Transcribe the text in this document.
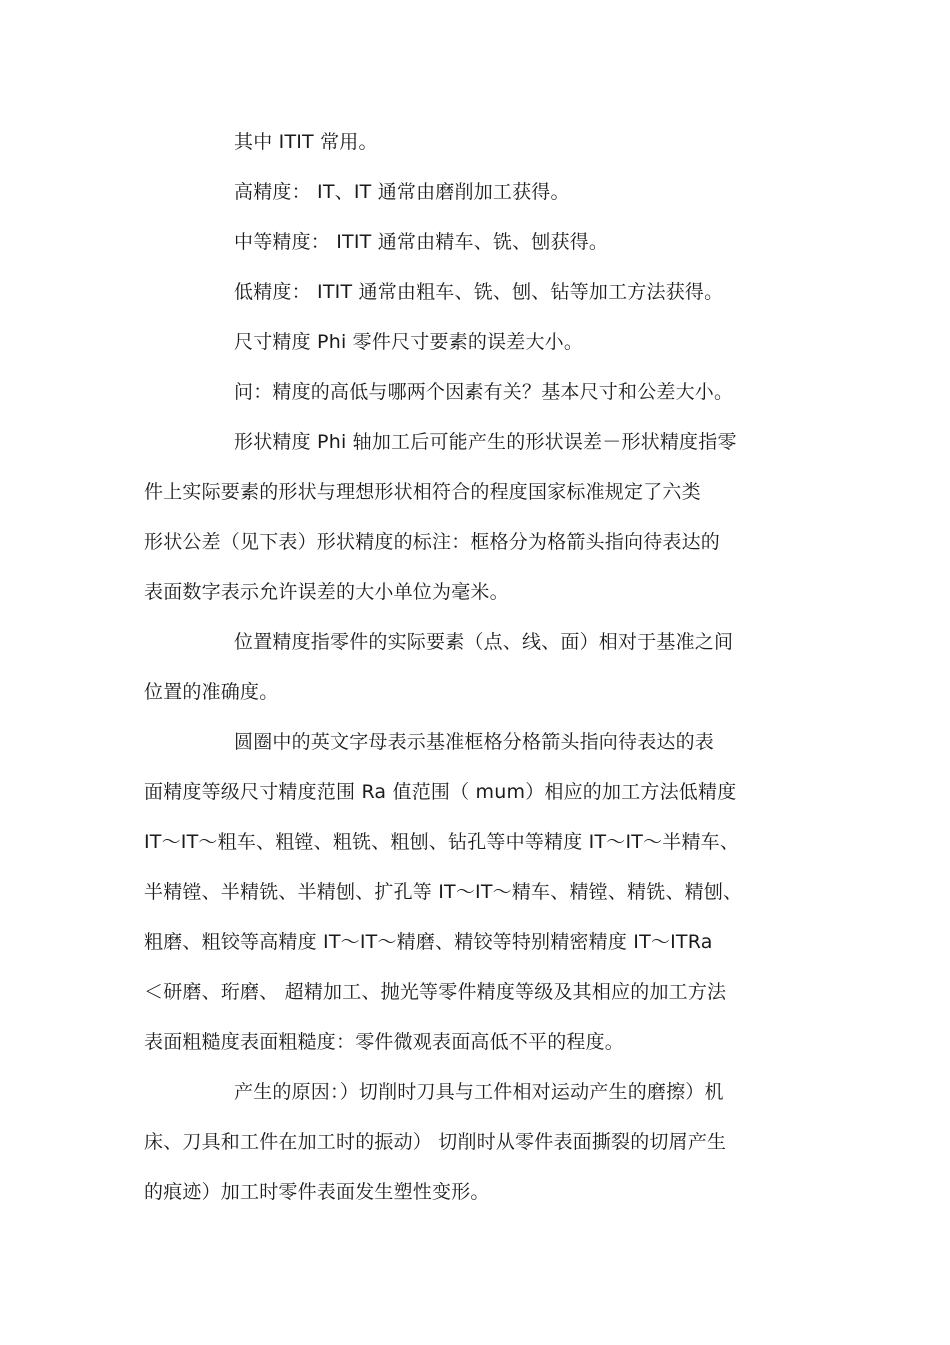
其中 ITIT 常用。
高精度： IT、IT 通常由磨削加工获得。
中等精度： ITIT 通常由精车、铣、刨获得。
低精度： ITIT 通常由粗车、铣、刨、钻等加工方法获得。
尺寸精度 Phi 零件尺寸要素的误差大小。
问：精度的高低与哪两个因素有关？基本尺寸和公差大小。
形状精度 Phi 轴加工后可能产生的形状误差－形状精度指零
件上实际要素的形状与理想形状相符合的程度国家标准规定了六类
形状公差（见下表）形状精度的标注：框格分为格箭头指向待表达的
表面数字表示允许误差的大小单位为毫米。
位置精度指零件的实际要素（点、线、面）相对于基准之间
位置的准确度。
圆圈中的英文字母表示基准框格分格箭头指向待表达的表
面精度等级尺寸精度范围 Ra 值范围（ mum）相应的加工方法低精度
IT～IT～粗车、粗镗、粗铣、粗刨、钻孔等中等精度 IT～IT～半精车、
半精镗、半精铣、半精刨、扩孔等 IT～IT～精车、精镗、精铣、精刨、
粗磨、粗铰等高精度 IT～IT～精磨、精铰等特别精密精度 IT～ITRa
＜研磨、珩磨、 超精加工、抛光等零件精度等级及其相应的加工方法
表面粗糙度表面粗糙度：零件微观表面高低不平的程度。
产生的原因：）切削时刀具与工件相对运动产生的磨擦）机
床、刀具和工件在加工时的振动） 切削时从零件表面撕裂的切屑产生
的痕迹）加工时零件表面发生塑性变形。
